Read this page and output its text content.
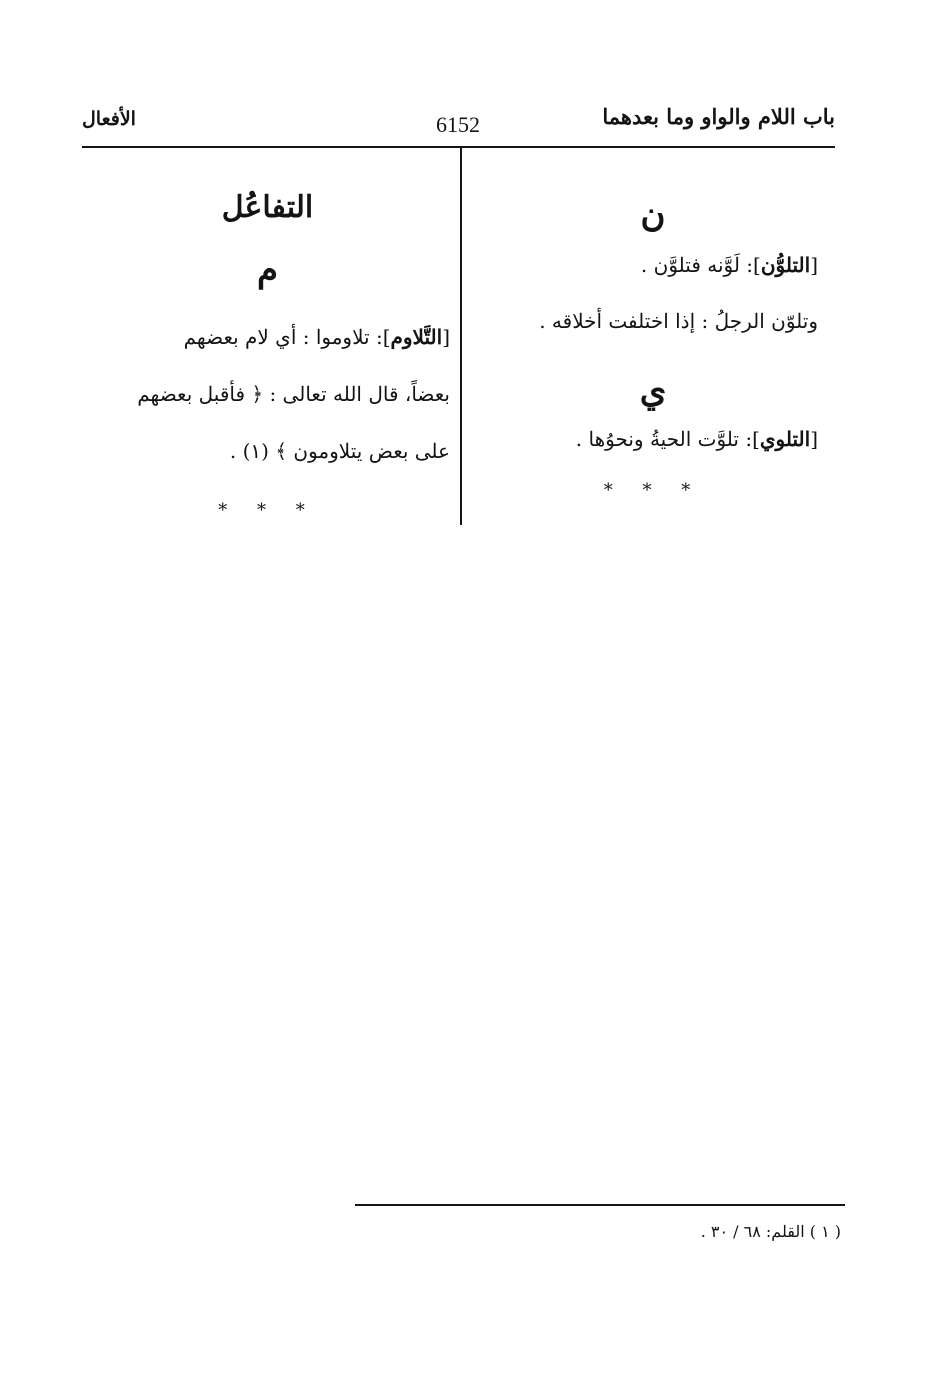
باب اللام والواو وما بعدهما
6152
الأفعال
ن
[التلوُّن]: لَوَّنه فتلوَّن .
وتلوّن الرجلُ : إذا اختلفت أخلاقه .
ي
[التلوي]: تلوَّت الحيةُ ونحوُها .
* * *
التفاعُل
م
[التَّلاوم]: تلاوموا : أي لام بعضهم
بعضاً، قال الله تعالى : ﴿ فأقبل بعضهم
على بعض يتلاومون ﴾ (١) .
* * *
( ١ ) القلم: ٦٨ / ٣٠ .
